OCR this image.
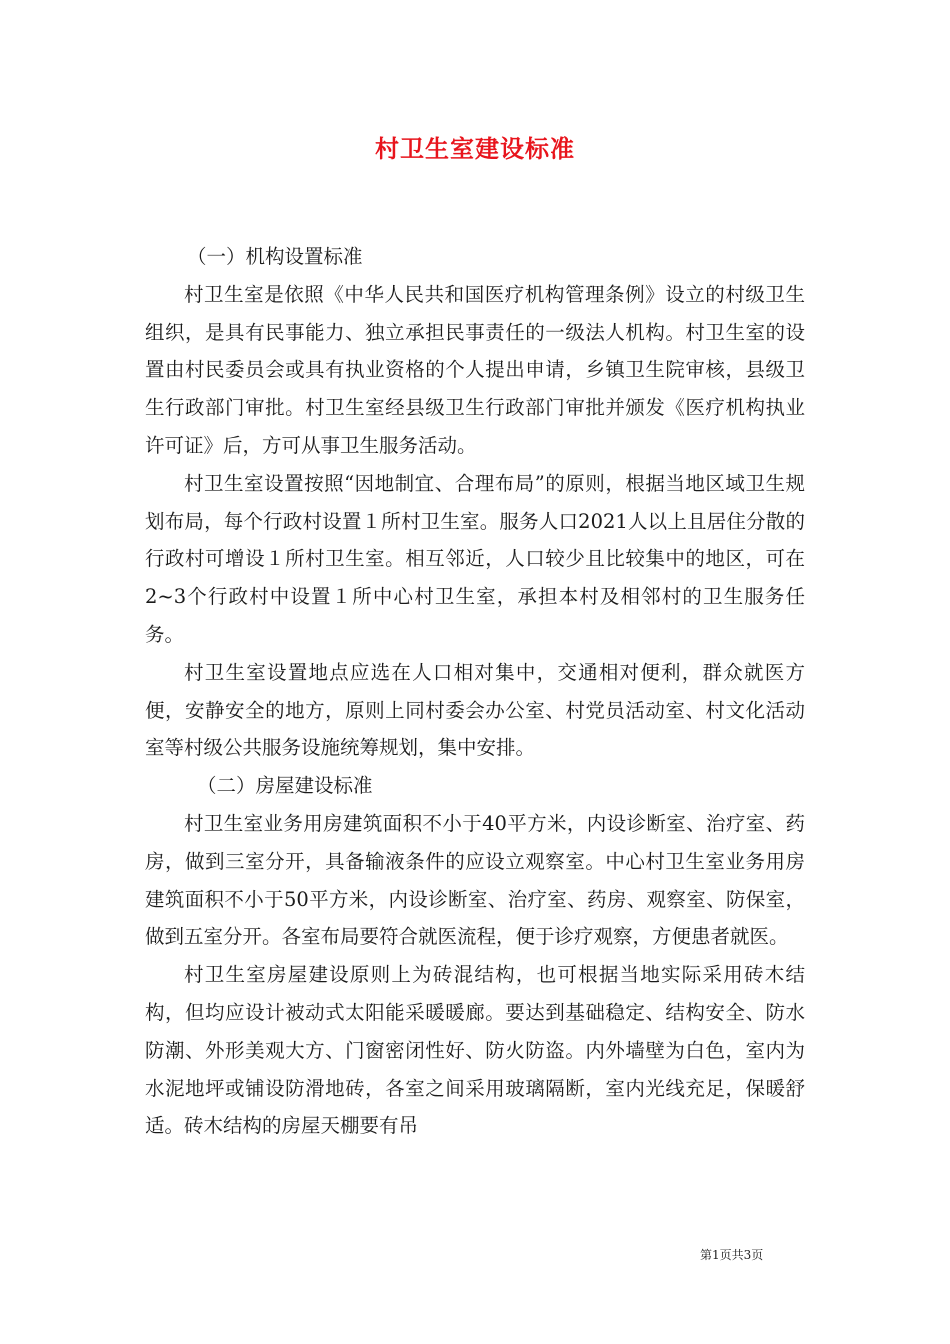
村卫生室建设标准

（一）机构设置标准

村卫生室是依照《中华人民共和国医疗机构管理条例》设立的村级卫生组织，是具有民事能力、独立承担民事责任的一级法人机构。村卫生室的设置由村民委员会或具有执业资格的个人提出申请，乡镇卫生院审核，县级卫生行政部门审批。村卫生室经县级卫生行政部门审批并颁发《医疗机构执业许可证》后，方可从事卫生服务活动。

村卫生室设置按照“因地制宜、合理布局”的原则，根据当地区域卫生规划布局，每个行政村设置１所村卫生室。服务人口2021人以上且居住分散的行政村可增设１所村卫生室。相互邻近，人口较少且比较集中的地区，可在2~3个行政村中设置１所中心村卫生室，承担本村及相邻村的卫生服务任务。

村卫生室设置地点应选在人口相对集中，交通相对便利，群众就医方便，安静安全的地方，原则上同村委会办公室、村党员活动室、村文化活动室等村级公共服务设施统筹规划，集中安排。

（二）房屋建设标准

村卫生室业务用房建筑面积不小于40平方米，内设诊断室、治疗室、药房，做到三室分开，具备输液条件的应设立观察室。中心村卫生室业务用房建筑面积不小于50平方米，内设诊断室、治疗室、药房、观察室、防保室，做到五室分开。各室布局要符合就医流程，便于诊疗观察，方便患者就医。

村卫生室房屋建设原则上为砖混结构，也可根据当地实际采用砖木结构，但均应设计被动式太阳能采暖暖廊。要达到基础稳定、结构安全、防水防潮、外形美观大方、门窗密闭性好、防火防盗。内外墙壁为白色，室内为水泥地坪或铺设防滑地砖，各室之间采用玻璃隔断，室内光线充足，保暖舒适。砖木结构的房屋天棚要有吊

第1页共3页
